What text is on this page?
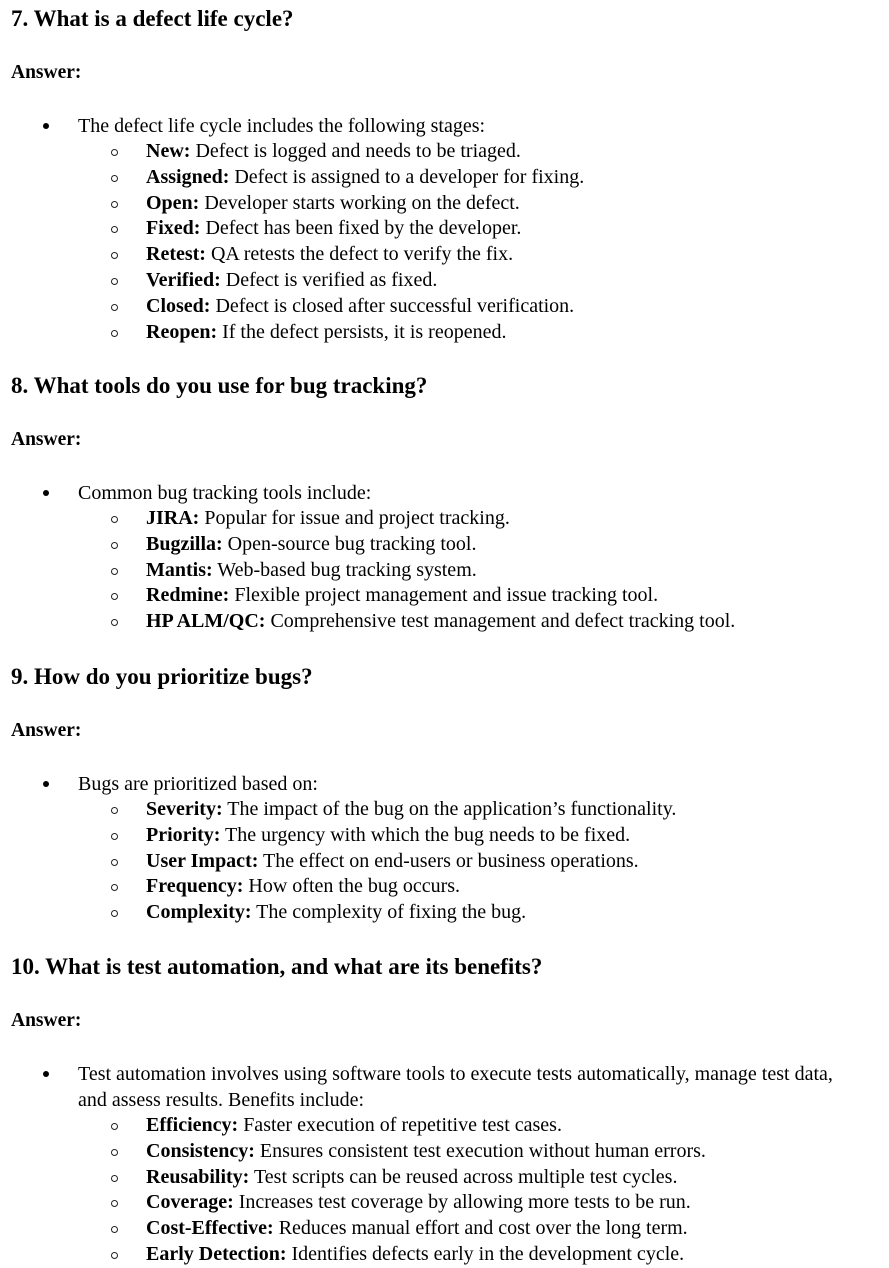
7. What is a defect life cycle?
Answer:
The defect life cycle includes the following stages:
New: Defect is logged and needs to be triaged.
Assigned: Defect is assigned to a developer for fixing.
Open: Developer starts working on the defect.
Fixed: Defect has been fixed by the developer.
Retest: QA retests the defect to verify the fix.
Verified: Defect is verified as fixed.
Closed: Defect is closed after successful verification.
Reopen: If the defect persists, it is reopened.
8. What tools do you use for bug tracking?
Answer:
Common bug tracking tools include:
JIRA: Popular for issue and project tracking.
Bugzilla: Open-source bug tracking tool.
Mantis: Web-based bug tracking system.
Redmine: Flexible project management and issue tracking tool.
HP ALM/QC: Comprehensive test management and defect tracking tool.
9. How do you prioritize bugs?
Answer:
Bugs are prioritized based on:
Severity: The impact of the bug on the application’s functionality.
Priority: The urgency with which the bug needs to be fixed.
User Impact: The effect on end-users or business operations.
Frequency: How often the bug occurs.
Complexity: The complexity of fixing the bug.
10. What is test automation, and what are its benefits?
Answer:
Test automation involves using software tools to execute tests automatically, manage test data, and assess results. Benefits include:
Efficiency: Faster execution of repetitive test cases.
Consistency: Ensures consistent test execution without human errors.
Reusability: Test scripts can be reused across multiple test cycles.
Coverage: Increases test coverage by allowing more tests to be run.
Cost-Effective: Reduces manual effort and cost over the long term.
Early Detection: Identifies defects early in the development cycle.
